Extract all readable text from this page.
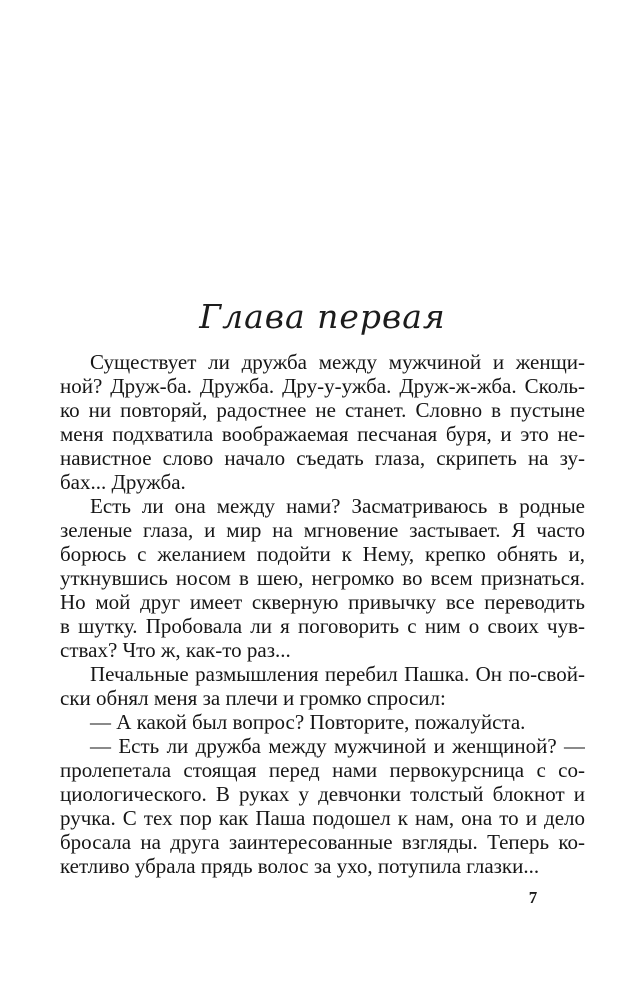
Глава первая

Существует ли дружба между мужчиной и женщи-

ной? Друж-ба. Дружба. Дру-у-ужба. Друж-ж-жба. Сколь-

ко ни повторяй, радостнее не станет. Словно в пустыне

меня подхватила воображаемая песчаная буря, и это не-

навистное слово начало съедать глаза, скрипеть на зу-

бах... Дружба.

Есть ли она между нами? Засматриваюсь в родные

зеленые глаза, и мир на мгновение застывает. Я часто

борюсь с желанием подойти к Нему, крепко обнять и,

уткнувшись носом в шею, негромко во всем признаться.

Но мой друг имеет скверную привычку все переводить

в шутку. Пробовала ли я поговорить с ним о своих чув-

ствах? Что ж, как-то раз...

Печальные размышления перебил Пашка. Он по-свой-

ски обнял меня за плечи и громко спросил:

— А какой был вопрос? Повторите, пожалуйста.

— Есть ли дружба между мужчиной и женщиной? —

пролепетала стоящая перед нами первокурсница с со-

циологического. В руках у девчонки толстый блокнот и

ручка. С тех пор как Паша подошел к нам, она то и дело

бросала на друга заинтересованные взгляды. Теперь ко-

кетливо убрала прядь волос за ухо, потупила глазки...

7
